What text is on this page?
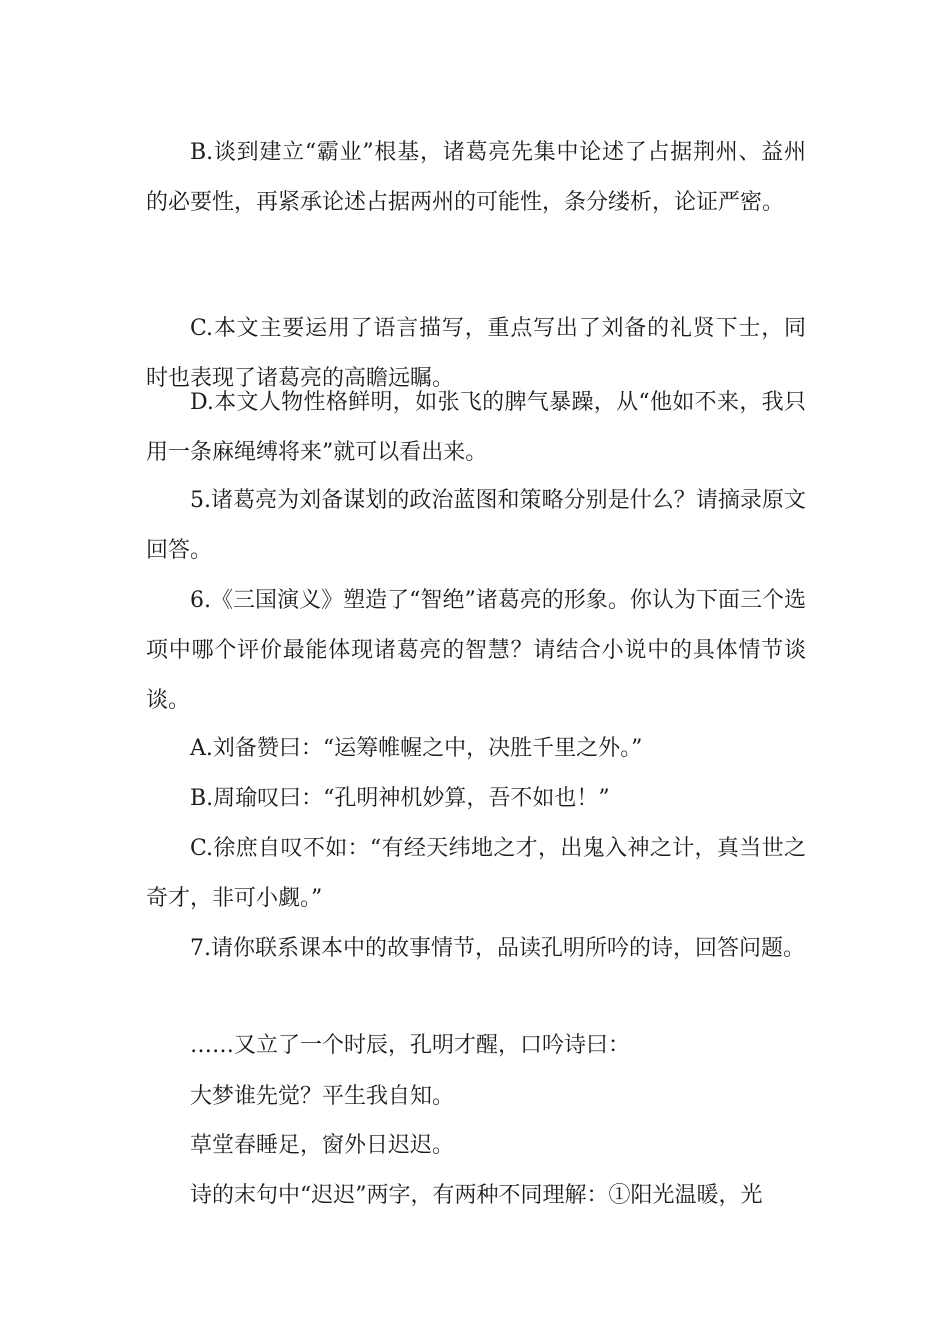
B.谈到建立“霸业”根基，诸葛亮先集中论述了占据荆州、益州的必要性，再紧承论述占据两州的可能性，条分缕析，论证严密。

C.本文主要运用了语言描写，重点写出了刘备的礼贤下士，同时也表现了诸葛亮的高瞻远瞩。

D.本文人物性格鲜明，如张飞的脾气暴躁，从“他如不来，我只用一条麻绳缚将来”就可以看出来。

5.诸葛亮为刘备谋划的政治蓝图和策略分别是什么？请摘录原文回答。

6.《三国演义》塑造了“智绝”诸葛亮的形象。你认为下面三个选项中哪个评价最能体现诸葛亮的智慧？请结合小说中的具体情节谈谈。

A.刘备赞曰：“运筹帷幄之中，决胜千里之外。”

B.周瑜叹曰：“孔明神机妙算，吾不如也！”

C.徐庶自叹不如：“有经天纬地之才，出鬼入神之计，真当世之奇才，非可小觑。”

7.请你联系课本中的故事情节，品读孔明所吟的诗，回答问题。

……又立了一个时辰，孔明才醒，口吟诗曰：

大梦谁先觉？平生我自知。

草堂春睡足，窗外日迟迟。

诗的末句中“迟迟”两字，有两种不同理解：①阳光温暖，光
